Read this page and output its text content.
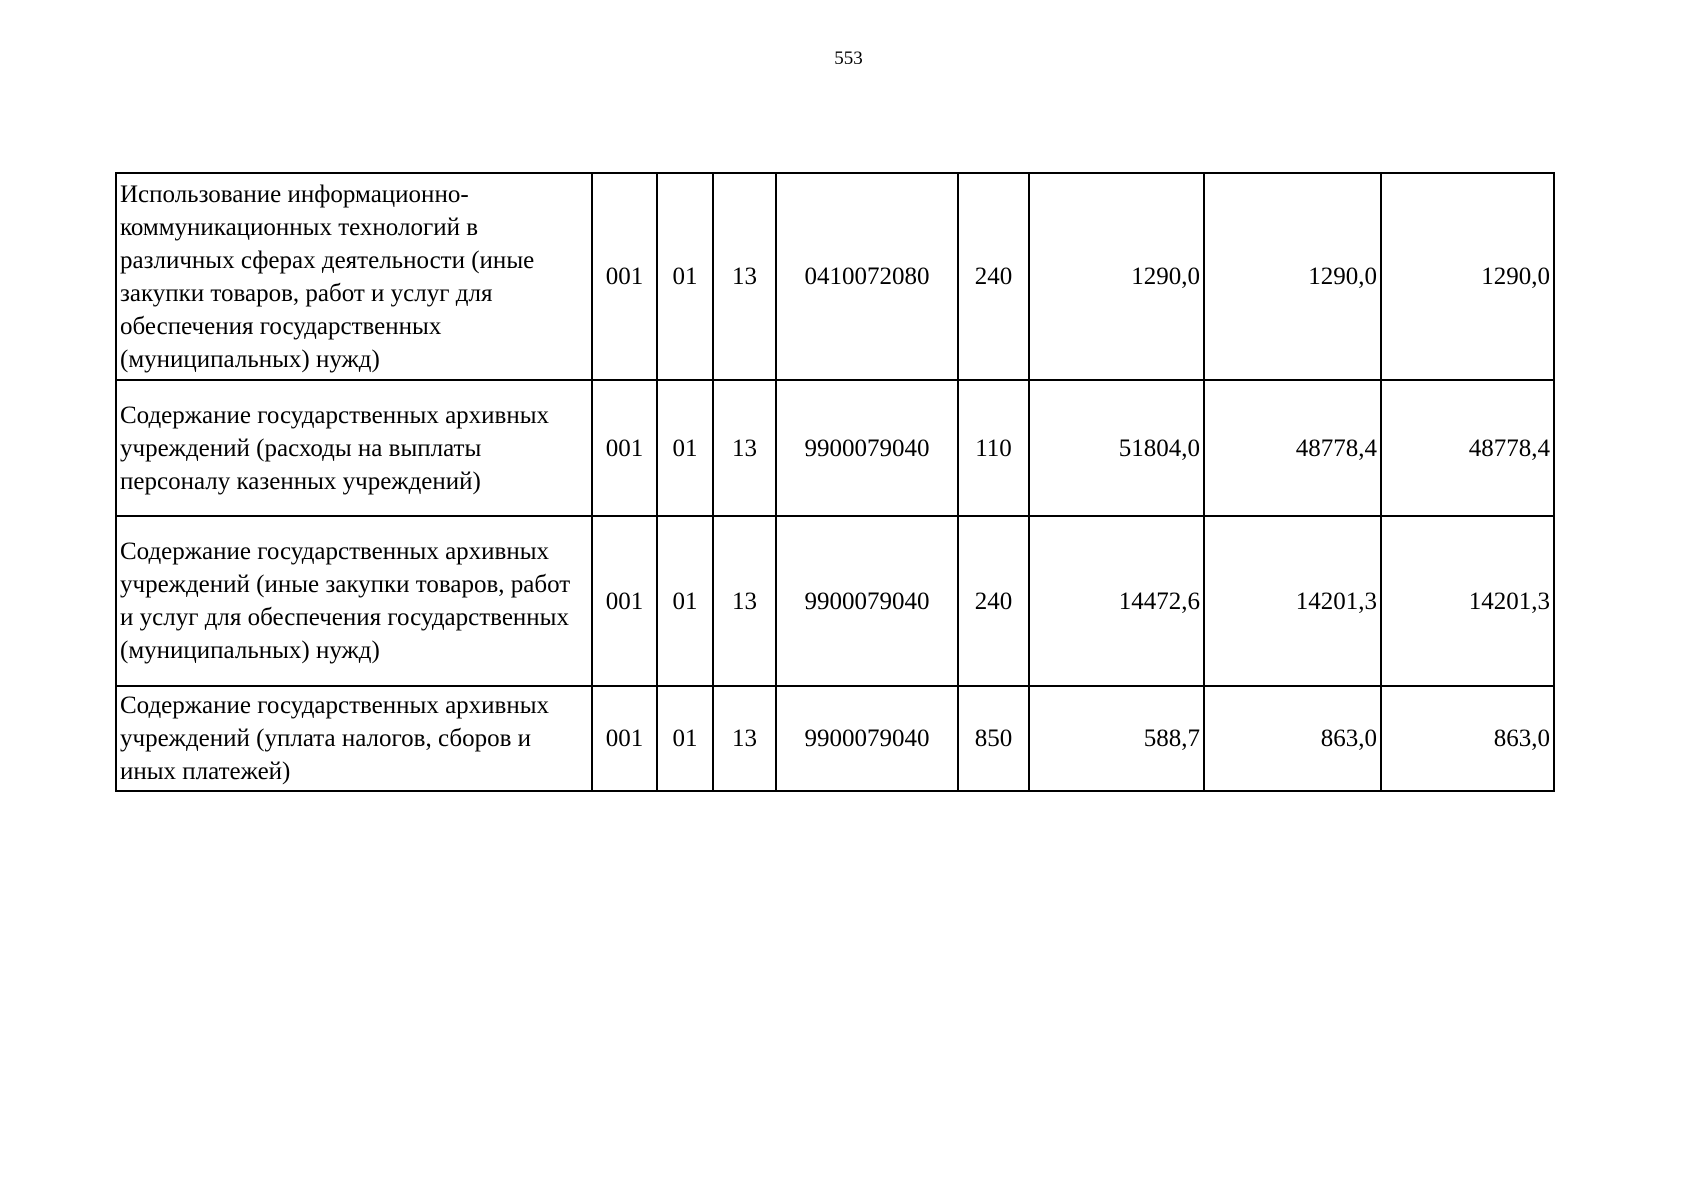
553
Использование информационно-коммуникационных технологий в различных сферах деятельности (иные закупки товаров, работ и услуг для обеспечения государственных (муниципальных) нужд)	001	01	13	0410072080	240	1290,0	1290,0	1290,0
Содержание государственных архивных учреждений (расходы на выплаты персоналу казенных учреждений)	001	01	13	9900079040	110	51804,0	48778,4	48778,4
Содержание государственных архивных учреждений (иные закупки товаров, работ и услуг для обеспечения государственных (муниципальных) нужд)	001	01	13	9900079040	240	14472,6	14201,3	14201,3
Содержание государственных архивных учреждений (уплата налогов, сборов и иных платежей)	001	01	13	9900079040	850	588,7	863,0	863,0
